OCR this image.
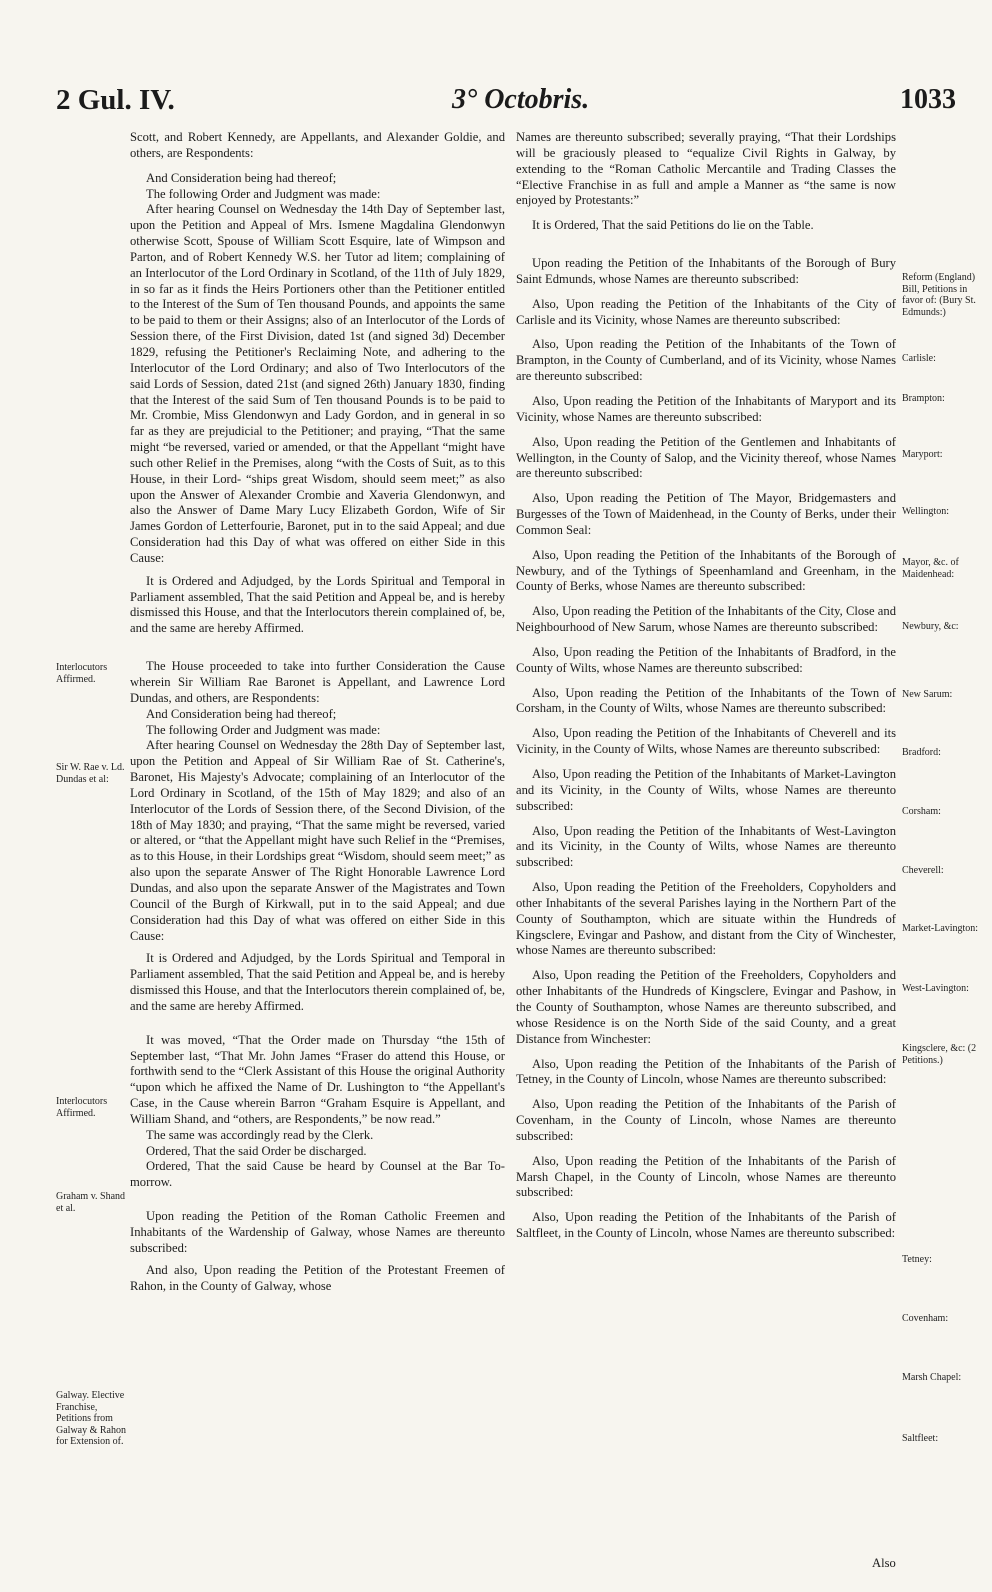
2 Gul. IV.	3° Octobris.	1033

Scott, and Robert Kennedy, are Appellants, and Alexander Goldie, and others, are Respondents:

And Consideration being had thereof;

The following Order and Judgment was made:

After hearing Counsel on Wednesday the 14th Day of September last, upon the Petition and Appeal of Mrs. Ismene Magdalina Glendonwyn otherwise Scott, Spouse of William Scott Esquire, late of Wimpson and Parton, and of Robert Kennedy W.S. her Tutor ad litem; complaining of an Interlocutor of the Lord Ordinary in Scotland, of the 11th of July 1829, in so far as it finds the Heirs Portioners other than the Petitioner entitled to the Interest of the Sum of Ten thousand Pounds, and appoints the same to be paid to them or their Assigns; also of an Interlocutor of the Lords of Session there, of the First Division, dated 1st (and signed 3d) December 1829, refusing the Petitioner's Reclaiming Note, and adhering to the Interlocutor of the Lord Ordinary; and also of Two Interlocutors of the said Lords of Session, dated 21st (and signed 26th) January 1830, finding that the Interest of the said Sum of Ten thousand Pounds is to be paid to Mr. Crombie, Miss Glendonwyn and Lady Gordon, and in general in so far as they are prejudicial to the Petitioner; and praying, “That the same might “be reversed, varied or amended, or that the Appellant “might have such other Relief in the Premises, along “with the Costs of Suit, as to this House, in their Lord- “ships great Wisdom, should seem meet;” as also upon the Answer of Alexander Crombie and Xaveria Glendonwyn, and also the Answer of Dame Mary Lucy Elizabeth Gordon, Wife of Sir James Gordon of Letterfourie, Baronet, put in to the said Appeal; and due Consideration had this Day of what was offered on either Side in this Cause:

It is Ordered and Adjudged, by the Lords Spiritual and Temporal in Parliament assembled, That the said Petition and Appeal be, and is hereby dismissed this House, and that the Interlocutors therein complained of, be, and the same are hereby Affirmed.

The House proceeded to take into further Consideration the Cause wherein Sir William Rae Baronet is Appellant, and Lawrence Lord Dundas, and others, are Respondents:

And Consideration being had thereof;

The following Order and Judgment was made:

After hearing Counsel on Wednesday the 28th Day of September last, upon the Petition and Appeal of Sir William Rae of St. Catherine's, Baronet, His Majesty's Advocate; complaining of an Interlocutor of the Lord Ordinary in Scotland, of the 15th of May 1829; and also of an Interlocutor of the Lords of Session there, of the Second Division, of the 18th of May 1830; and praying, “That the same might be reversed, varied or altered, or “that the Appellant might have such Relief in the “Premises, as to this House, in their Lordships great “Wisdom, should seem meet;” as also upon the separate Answer of The Right Honorable Lawrence Lord Dundas, and also upon the separate Answer of the Magistrates and Town Council of the Burgh of Kirkwall, put in to the said Appeal; and due Consideration had this Day of what was offered on either Side in this Cause:

It is Ordered and Adjudged, by the Lords Spiritual and Temporal in Parliament assembled, That the said Petition and Appeal be, and is hereby dismissed this House, and that the Interlocutors therein complained of, be, and the same are hereby Affirmed.

It was moved, “That the Order made on Thursday “the 15th of September last, “That Mr. John James “Fraser do attend this House, or forthwith send to the “Clerk Assistant of this House the original Authority “upon which he affixed the Name of Dr. Lushington to “the Appellant's Case, in the Cause wherein Barron “Graham Esquire is Appellant, and William Shand, and “others, are Respondents,” be now read.”

The same was accordingly read by the Clerk.

Ordered, That the said Order be discharged.

Ordered, That the said Cause be heard by Counsel at the Bar To-morrow.

Upon reading the Petition of the Roman Catholic Freemen and Inhabitants of the Wardenship of Galway, whose Names are thereunto subscribed:

And also, Upon reading the Petition of the Protestant Freemen of Rahon, in the County of Galway, whose

Names are thereunto subscribed; severally praying, “That their Lordships will be graciously pleased to “equalize Civil Rights in Galway, by extending to the “Roman Catholic Mercantile and Trading Classes the “Elective Franchise in as full and ample a Manner as “the same is now enjoyed by Protestants:”

It is Ordered, That the said Petitions do lie on the Table.

Upon reading the Petition of the Inhabitants of the Borough of Bury Saint Edmunds, whose Names are thereunto subscribed:

Also, Upon reading the Petition of the Inhabitants of the City of Carlisle and its Vicinity, whose Names are thereunto subscribed:

Also, Upon reading the Petition of the Inhabitants of the Town of Brampton, in the County of Cumberland, and of its Vicinity, whose Names are thereunto subscribed:

Also, Upon reading the Petition of the Inhabitants of Maryport and its Vicinity, whose Names are thereunto subscribed:

Also, Upon reading the Petition of the Gentlemen and Inhabitants of Wellington, in the County of Salop, and the Vicinity thereof, whose Names are thereunto subscribed:

Also, Upon reading the Petition of The Mayor, Bridgemasters and Burgesses of the Town of Maidenhead, in the County of Berks, under their Common Seal:

Also, Upon reading the Petition of the Inhabitants of the Borough of Newbury, and of the Tythings of Speenhamland and Greenham, in the County of Berks, whose Names are thereunto subscribed:

Also, Upon reading the Petition of the Inhabitants of the City, Close and Neighbourhood of New Sarum, whose Names are thereunto subscribed:

Also, Upon reading the Petition of the Inhabitants of Bradford, in the County of Wilts, whose Names are thereunto subscribed:

Also, Upon reading the Petition of the Inhabitants of the Town of Corsham, in the County of Wilts, whose Names are thereunto subscribed:

Also, Upon reading the Petition of the Inhabitants of Cheverell and its Vicinity, in the County of Wilts, whose Names are thereunto subscribed:

Also, Upon reading the Petition of the Inhabitants of Market-Lavington and its Vicinity, in the County of Wilts, whose Names are thereunto subscribed:

Also, Upon reading the Petition of the Inhabitants of West-Lavington and its Vicinity, in the County of Wilts, whose Names are thereunto subscribed:

Also, Upon reading the Petition of the Freeholders, Copyholders and other Inhabitants of the several Parishes laying in the Northern Part of the County of Southampton, which are situate within the Hundreds of Kingsclere, Evingar and Pashow, and distant from the City of Winchester, whose Names are thereunto subscribed:

Also, Upon reading the Petition of the Freeholders, Copyholders and other Inhabitants of the Hundreds of Kingsclere, Evingar and Pashow, in the County of Southampton, whose Names are thereunto subscribed, and whose Residence is on the North Side of the said County, and a great Distance from Winchester:

Also, Upon reading the Petition of the Inhabitants of the Parish of Tetney, in the County of Lincoln, whose Names are thereunto subscribed:

Also, Upon reading the Petition of the Inhabitants of the Parish of Covenham, in the County of Lincoln, whose Names are thereunto subscribed:

Also, Upon reading the Petition of the Inhabitants of the Parish of Marsh Chapel, in the County of Lincoln, whose Names are thereunto subscribed:

Also, Upon reading the Petition of the Inhabitants of the Parish of Saltfleet, in the County of Lincoln, whose Names are thereunto subscribed:

Interlocutors Affirmed.
Sir W. Rae v. Ld. Dundas et al:
Interlocutors Affirmed.
Graham v. Shand et al.
Galway. Elective Franchise, Petitions from Galway & Rahon for Extension of.
Reform (England) Bill, Petitions in favor of: (Bury St. Edmunds:)
Carlisle:
Brampton:
Maryport:
Wellington:
Mayor, &c. of Maidenhead:
Newbury, &c:
New Sarum:
Bradford:
Corsham:
Cheverell:
Market-Lavington:
West-Lavington:
Kingsclere, &c: (2 Petitions.)
Tetney:
Covenham:
Marsh Chapel:
Saltfleet:
Also
